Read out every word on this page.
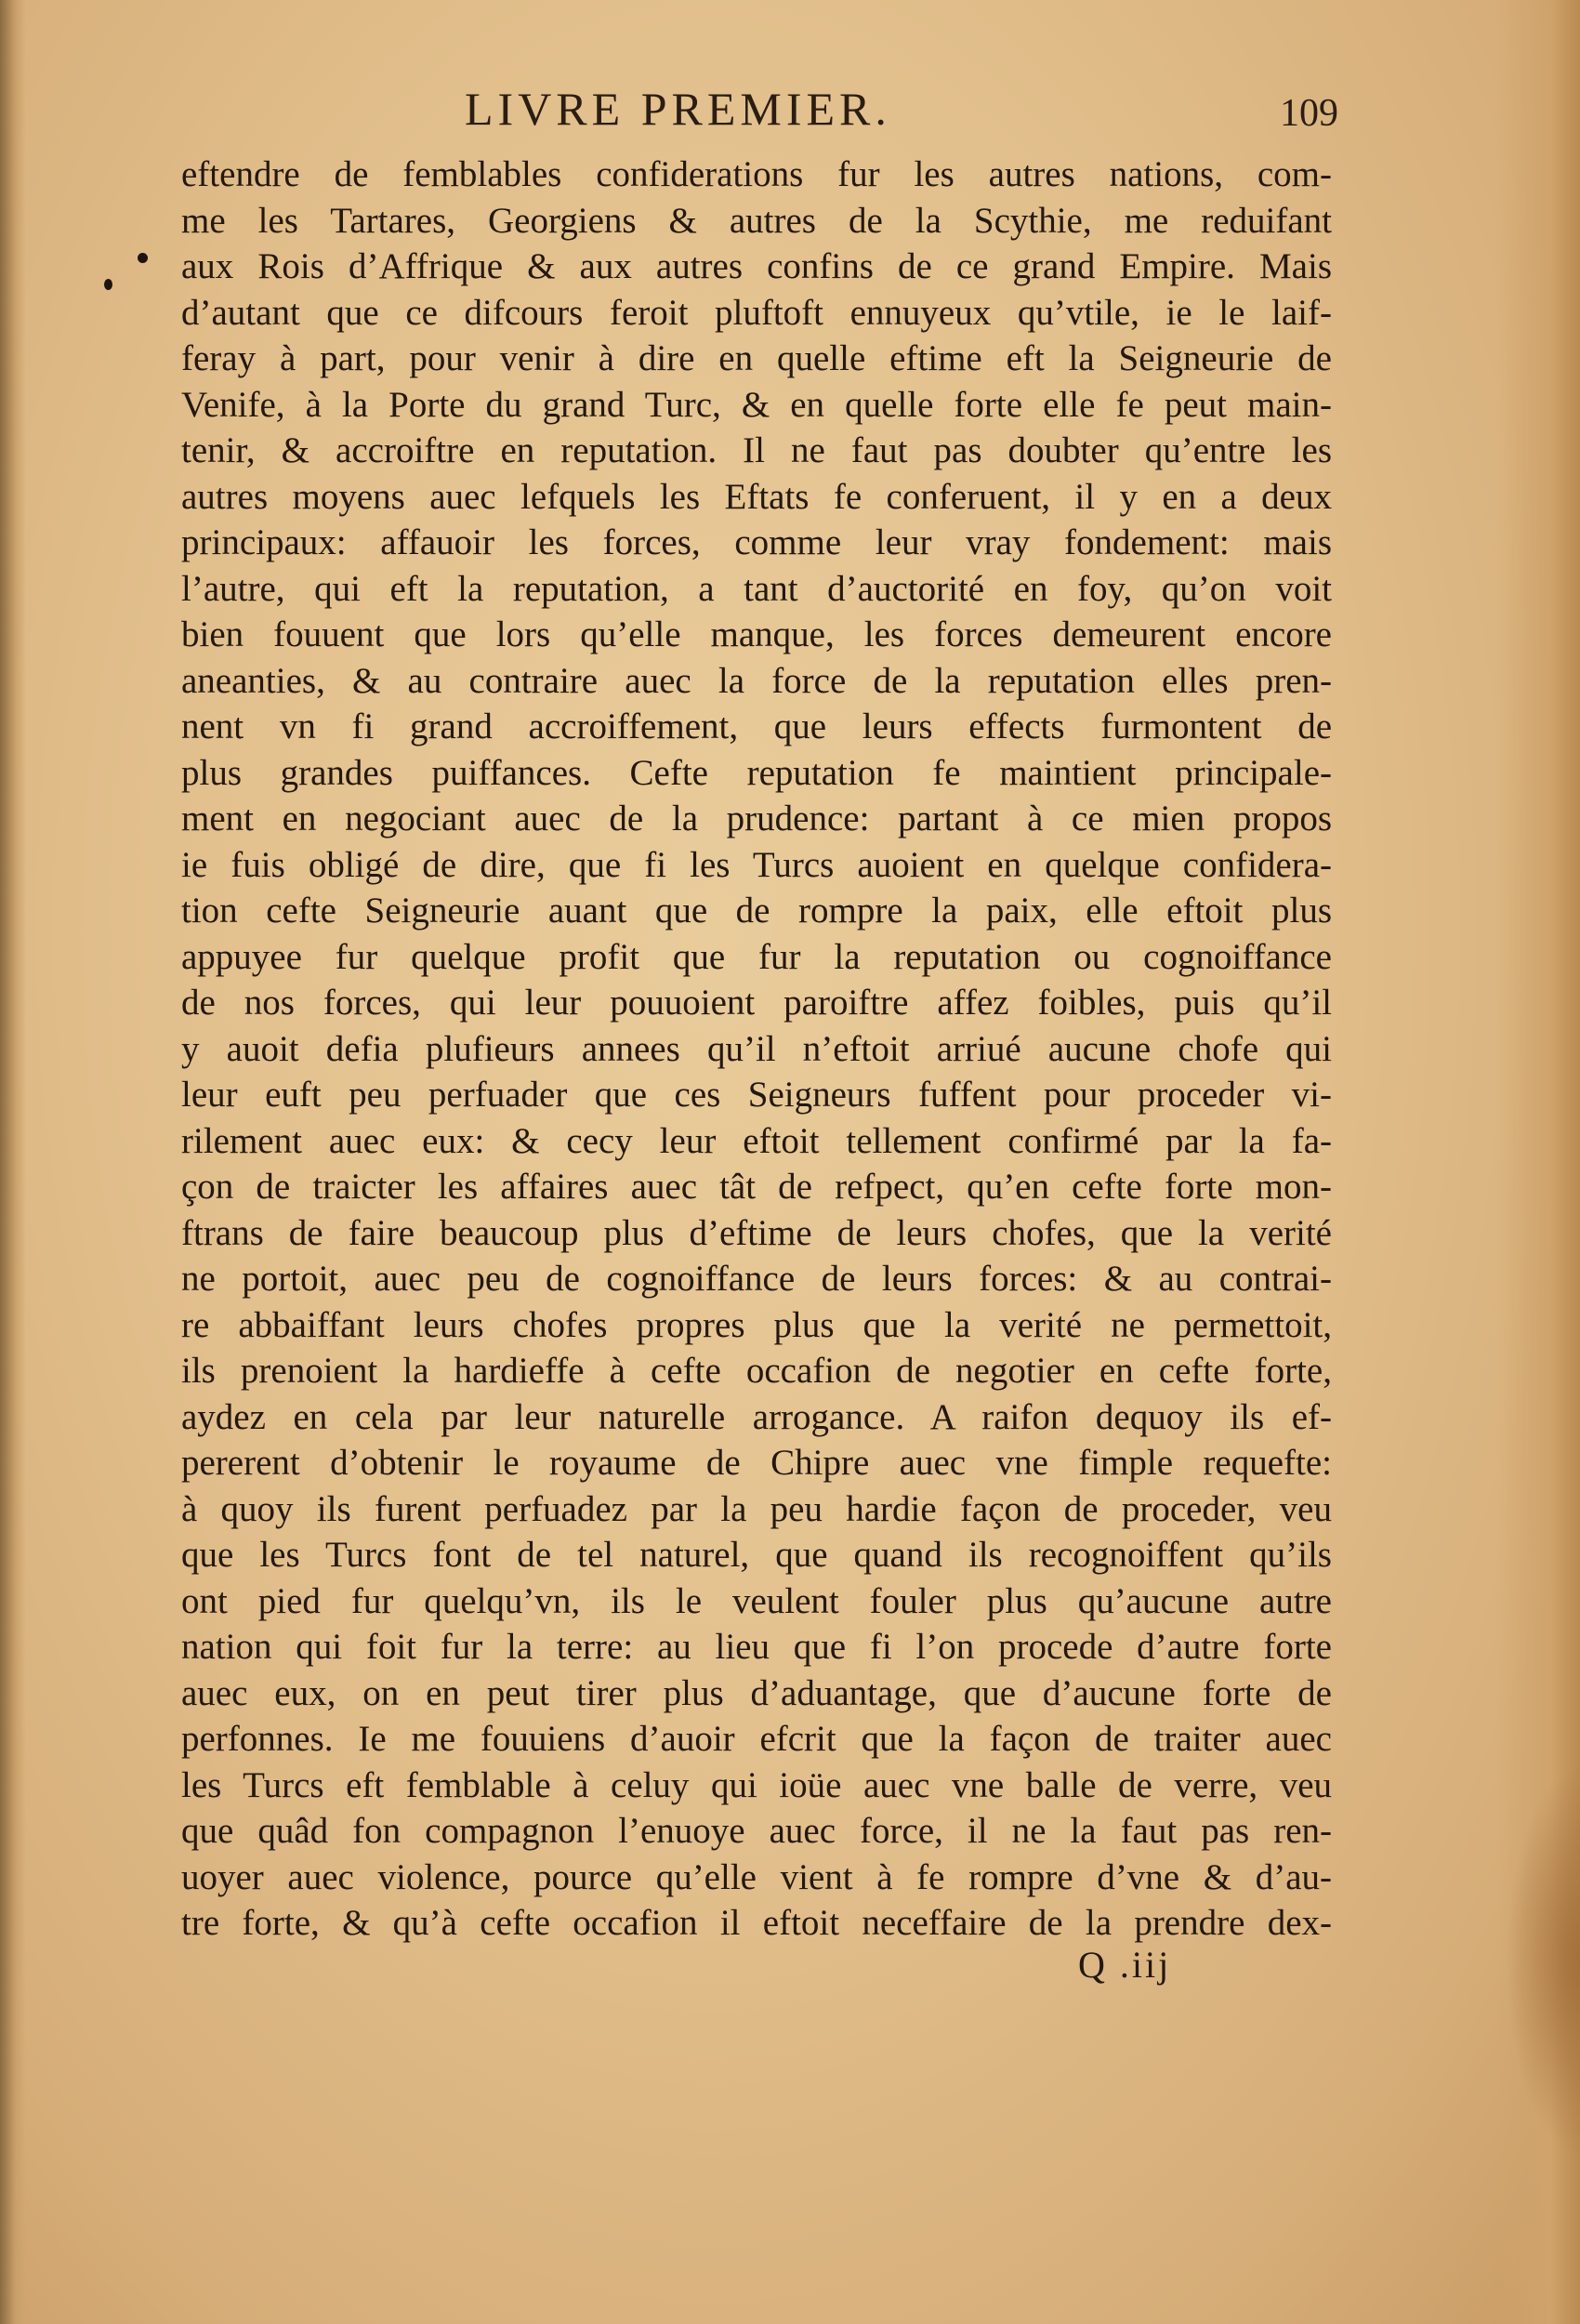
LIVRE PREMIER.	109
eftendre de femblables confiderations fur les autres nations, com-
me les Tartares, Georgiens & autres de la Scythie, me reduifant
aux Rois d’Affrique & aux autres confins de ce grand Empire. Mais
d’autant que ce difcours feroit pluftoft ennuyeux qu’vtile, ie le laif-
feray à part, pour venir à dire en quelle eftime eft la Seigneurie de
Venife, à la Porte du grand Turc, & en quelle forte elle fe peut main-
tenir, & accroiftre en reputation. Il ne faut pas doubter qu’entre les
autres moyens auec lefquels les Eftats fe conferuent, il y en a deux
principaux: affauoir les forces, comme leur vray fondement: mais
l’autre, qui eft la reputation, a tant d’auctorité en foy, qu’on voit
bien fouuent que lors qu’elle manque, les forces demeurent encore
aneanties, & au contraire auec la force de la reputation elles pren-
nent vn fi grand accroiffement, que leurs effects furmontent de
plus grandes puiffances. Cefte reputation fe maintient principale-
ment en negociant auec de la prudence: partant à ce mien propos
ie fuis obligé de dire, que fi les Turcs auoient en quelque confidera-
tion cefte Seigneurie auant que de rompre la paix, elle eftoit plus
appuyee fur quelque profit que fur la reputation ou cognoiffance
de nos forces, qui leur pouuoient paroiftre affez foibles, puis qu’il
y auoit defia plufieurs annees qu’il n’eftoit arriué aucune chofe qui
leur euft peu perfuader que ces Seigneurs fuffent pour proceder vi-
rilement auec eux: & cecy leur eftoit tellement confirmé par la fa-
çon de traicter les affaires auec tât de refpect, qu’en cefte forte mon-
ftrans de faire beaucoup plus d’eftime de leurs chofes, que la verité
ne portoit, auec peu de cognoiffance de leurs forces: & au contrai-
re abbaiffant leurs chofes propres plus que la verité ne permettoit,
ils prenoient la hardieffe à cefte occafion de negotier en cefte forte,
aydez en cela par leur naturelle arrogance. A raifon dequoy ils ef-
pererent d’obtenir le royaume de Chipre auec vne fimple requefte:
à quoy ils furent perfuadez par la peu hardie façon de proceder, veu
que les Turcs font de tel naturel, que quand ils recognoiffent qu’ils
ont pied fur quelqu’vn, ils le veulent fouler plus qu’aucune autre
nation qui foit fur la terre: au lieu que fi l’on procede d’autre forte
auec eux, on en peut tirer plus d’aduantage, que d’aucune forte de
perfonnes. Ie me fouuiens d’auoir efcrit que la façon de traiter auec
les Turcs eft femblable à celuy qui ioüe auec vne balle de verre, veu
que quâd fon compagnon l’enuoye auec force, il ne la faut pas ren-
uoyer auec violence, pource qu’elle vient à fe rompre d’vne & d’au-
tre forte, & qu’à cefte occafion il eftoit neceffaire de la prendre dex-
Q .iij
